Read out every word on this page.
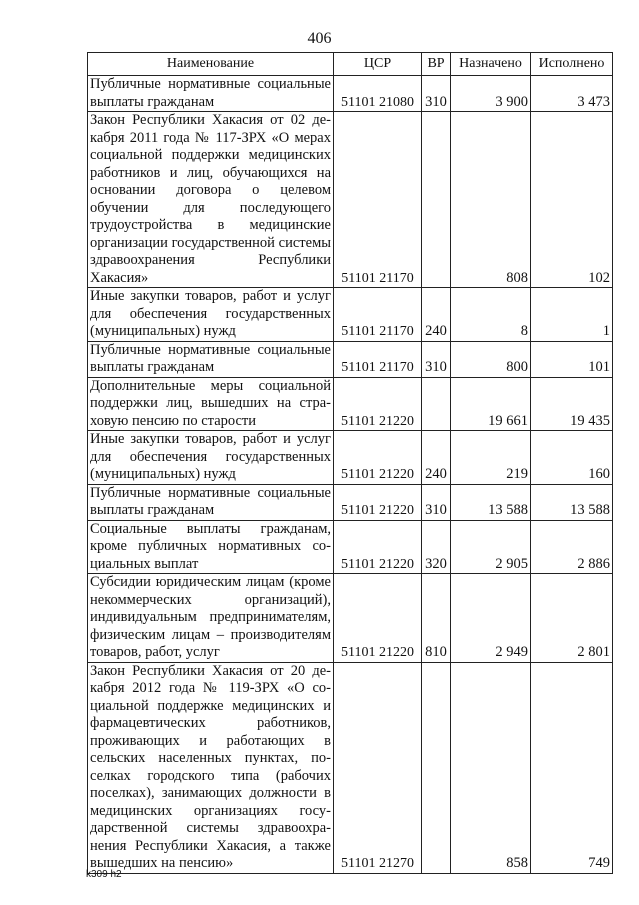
406
Наименование	ЦСР	ВР	Назначено	Исполнено
Публичные нормативные социальные выплаты гражданам	51101 21080	310	3 900	3 473
Закон Республики Хакасия от 02 декабря 2011 года № 117-ЗРХ «О мерах социальной поддержки медицинских работников и лиц, обучающихся на основании договора о целевом обучении для последующего трудоустройства в медицинские организации государственной системы здравоохранения Республики Хакасия»	51101 21170		808	102
Иные закупки товаров, работ и услуг для обеспечения государственных (муниципальных) нужд	51101 21170	240	8	1
Публичные нормативные социальные выплаты гражданам	51101 21170	310	800	101
Дополнительные меры социальной поддержки лиц, вышедших на страховую пенсию по старости	51101 21220		19 661	19 435
Иные закупки товаров, работ и услуг для обеспечения государственных (муниципальных) нужд	51101 21220	240	219	160
Публичные нормативные социальные выплаты гражданам	51101 21220	310	13 588	13 588
Социальные выплаты гражданам, кроме публичных нормативных социальных выплат	51101 21220	320	2 905	2 886
Субсидии юридическим лицам (кроме некоммерческих организаций), индивидуальным предпринимателям, физическим лицам – производителям товаров, работ, услуг	51101 21220	810	2 949	2 801
Закон Республики Хакасия от 20 декабря 2012 года № 119-ЗРХ «О социальной поддержке медицинских и фармацевтических работников, проживающих и работающих в сельских населенных пунктах, поселках городского типа (рабочих поселках), занимающих должности в медицинских организациях государственной системы здравоохранения Республики Хакасия, а также вышедших на пенсию»	51101 21270		858	749
k309 h2
